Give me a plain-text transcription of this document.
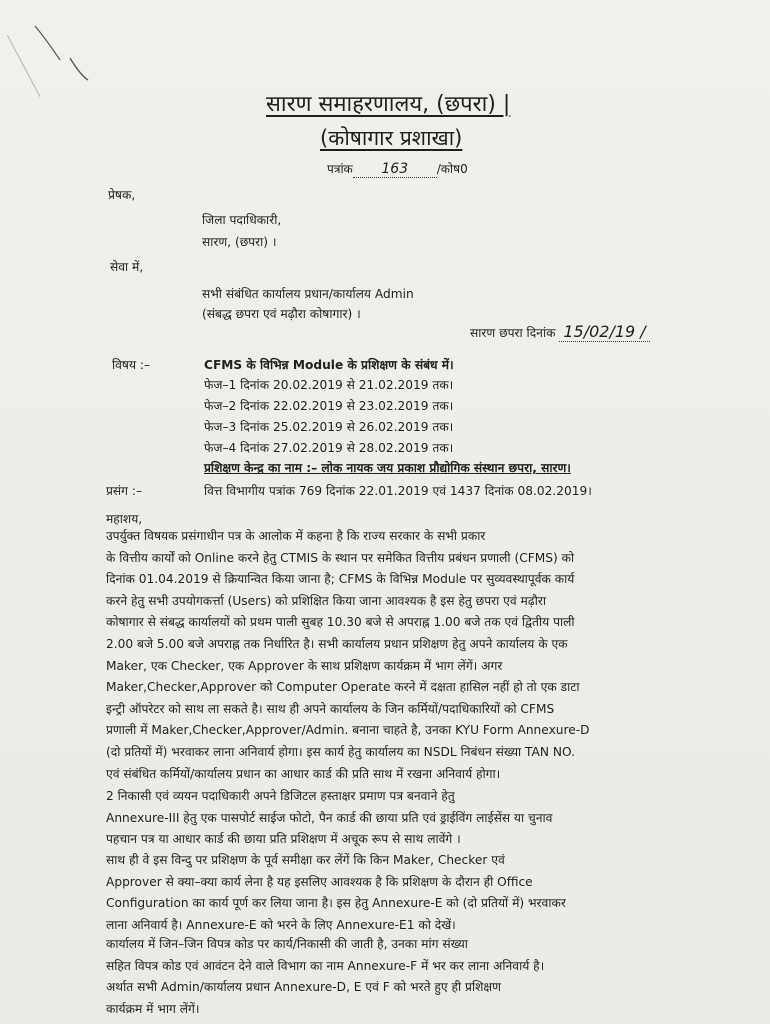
सारण समाहरणालय, (छपरा) |
(कोषागार प्रशाखा)
पत्रांक 163 /कोष0
प्रेषक,
जिला पदाधिकारी,
सारण, (छपरा) ।
सेवा में,
सभी संबंधित कार्यालय प्रधान/कार्यालय Admin
(संबद्ध छपरा एवं मढ़ौरा कोषागार) ।
सारण छपरा दिनांक 15/02/19 /
विषय :–	CFMS के विभिन्न Module के प्रशिक्षण के संबंध में।
फेज–1 दिनांक 20.02.2019 से 21.02.2019 तक।
फेज–2 दिनांक 22.02.2019 से 23.02.2019 तक।
फेज–3 दिनांक 25.02.2019 से 26.02.2019 तक।
फेज–4 दिनांक 27.02.2019 से 28.02.2019 तक।
प्रशिक्षण केन्द्र का नाम :– लोक नायक जय प्रकाश प्रौद्योगिक संस्थान छपरा, सारण।
प्रसंग :–	वित्त विभागीय पत्रांक 769 दिनांक 22.01.2019 एवं 1437 दिनांक 08.02.2019।
महाशय,
उपर्युक्त विषयक प्रसंगाधीन पत्र के आलोक में कहना है कि राज्य सरकार के सभी प्रकार
के वित्तीय कार्यों को Online करने हेतु CTMIS के स्थान पर समेकित वित्तीय प्रबंधन प्रणाली (CFMS) को
दिनांक 01.04.2019 से क्रियान्वित किया जाना है; CFMS के विभिन्न Module पर सुव्यवस्थापूर्वक कार्य
करने हेतु सभी उपयोगकर्त्ता (Users) को प्रशिक्षित किया जाना आवश्यक है इस हेतु छपरा एवं मढ़ौरा
कोषागार से संबद्ध कार्यालयों को प्रथम पाली सुबह 10.30 बजे से अपराह्न 1.00 बजे तक एवं द्वितीय पाली
2.00 बजे 5.00 बजे अपराह्न तक निर्धारित है। सभी कार्यालय प्रधान प्रशिक्षण हेतु अपने कार्यालय के एक
Maker, एक Checker, एक Approver के साथ प्रशिक्षण कार्यक्रम में भाग लेंगें। अगर
Maker,Checker,Approver को Computer Operate करने में दक्षता हासिल नहीं हो तो एक डाटा
इन्ट्री ऑपरेटर को साथ ला सकते है। साथ ही अपने कार्यालय के जिन कर्मियों/पदाधिकारियों को CFMS
प्रणाली में Maker,Checker,Approver/Admin. बनाना चाहते है, उनका KYU Form Annexure-D
(दो प्रतियों में) भरवाकर लाना अनिवार्य होगा। इस कार्य हेतु कार्यालय का NSDL निबंधन संख्या TAN NO.
एवं संबंधित कर्मियों/कार्यालय प्रधान का आधार कार्ड की प्रति साथ में रखना अनिवार्य होगा।
2 निकासी एवं व्ययन पदाधिकारी अपने डिजिटल हस्ताक्षर प्रमाण पत्र बनवाने हेतु
Annexure-III हेतु एक पासपोर्ट साईज फोटो, पैन कार्ड की छाया प्रति एवं ड्राईविंग लाईसेंस या चुनाव
पहचान पत्र या आधार कार्ड की छाया प्रति प्रशिक्षण में अचूक रूप से साथ लावेंगे ।
साथ ही वे इस विन्दु पर प्रशिक्षण के पूर्व समीक्षा कर लेंगें कि किन Maker, Checker एवं
Approver से क्या–क्या कार्य लेना है यह इसलिए आवश्यक है कि प्रशिक्षण के दौरान ही Office
Configuration का कार्य पूर्ण कर लिया जाना है। इस हेतु Annexure-E को (दो प्रतियों में) भरवाकर
लाना अनिवार्य है। Annexure-E को भरने के लिए Annexure-E1 को देखें।
कार्यालय में जिन–जिन विपत्र कोड पर कार्य/निकासी की जाती है, उनका मांग संख्या
सहित विपत्र कोड एवं आवंटन देने वाले विभाग का नाम Annexure-F में भर कर लाना अनिवार्य है।
अर्थात सभी Admin/कार्यालय प्रधान Annexure-D, E एवं F को भरते हुए ही प्रशिक्षण
कार्यक्रम में भाग लेंगें।
